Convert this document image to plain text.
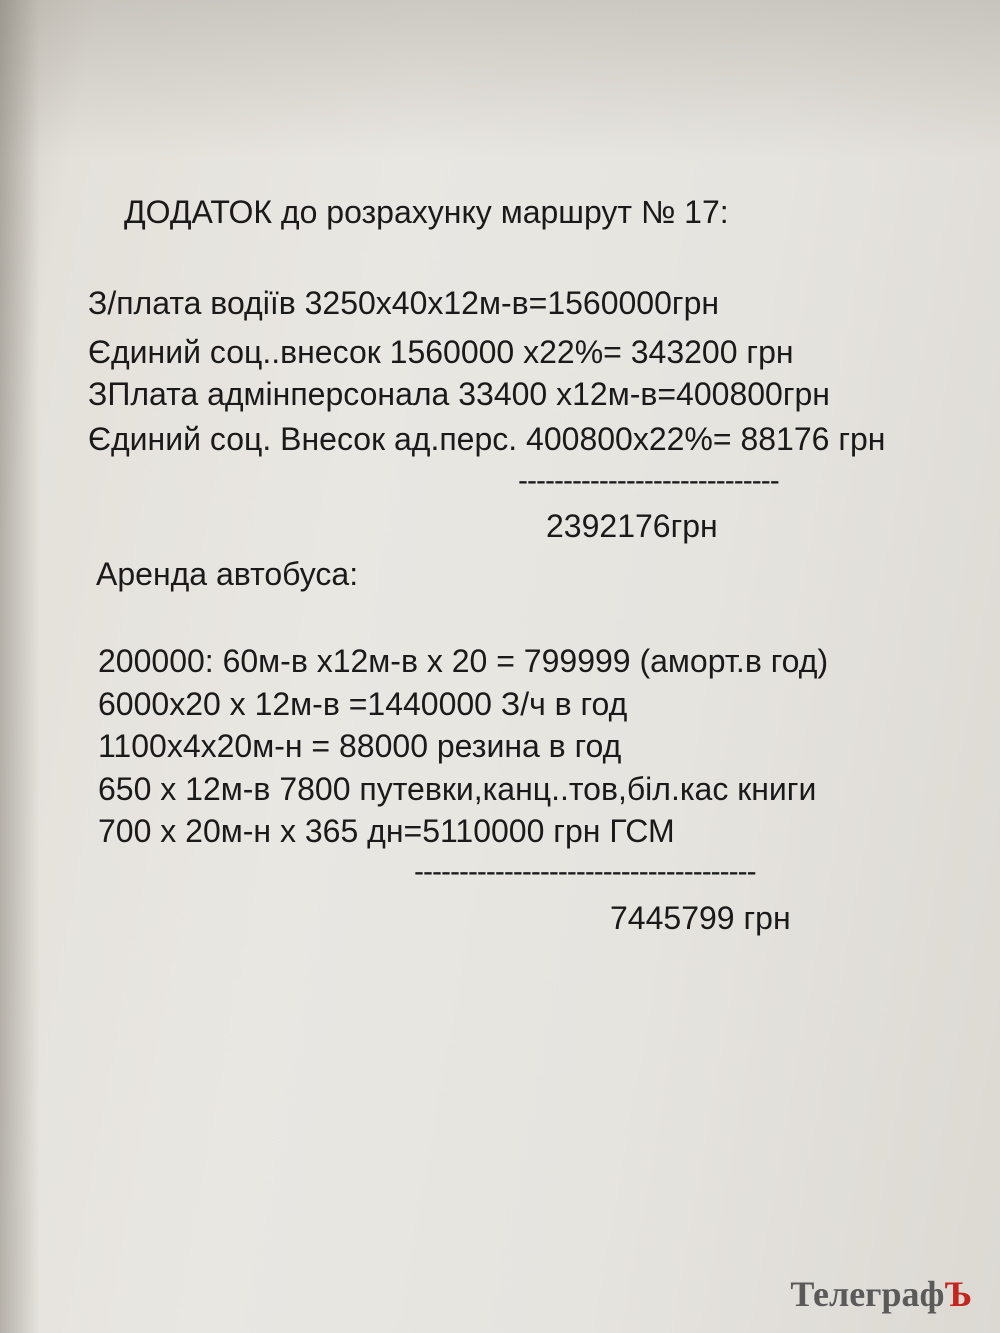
ДОДАТОК до розрахунку маршрут № 17:
З/плата водіїв 3250х40х12м-в=1560000грн
Єдиний соц..внесок 1560000 х22%= 343200 грн
ЗПлата адмінперсонала 33400 х12м-в=400800грн
Єдиний соц. Внесок ад.перс. 400800х22%= 88176 грн
-----------------------------
2392176грн
Аренда автобуса:
200000: 60м-в х12м-в х 20 = 799999 (аморт.в год)
6000х20 х 12м-в =1440000 З/ч в год
1100х4х20м-н = 88000 резина в год
650 х 12м-в 7800 путевки,канц..тов,біл.кас книги
700 х 20м-н х 365 дн=5110000 грн ГСМ
--------------------------------------
7445799 грн
ТелеграфЪ
